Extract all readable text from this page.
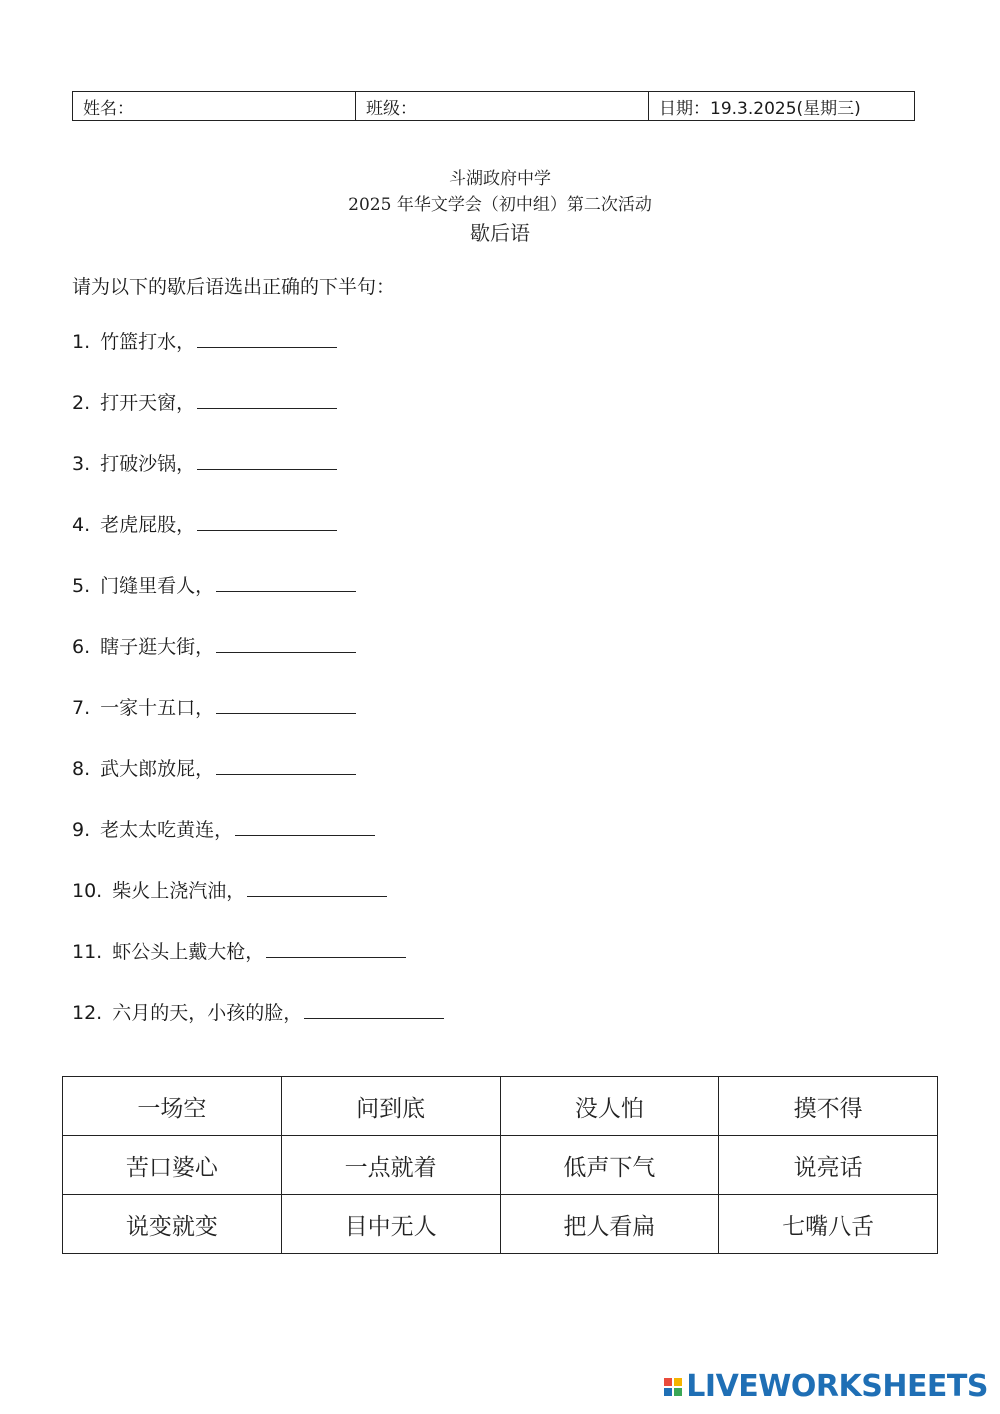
姓名：	班级：	日期：19.3.2025(星期三)
斗湖政府中学
2025 年华文学会（初中组）第二次活动
歇后语
请为以下的歇后语选出正确的下半句：
1. 竹篮打水，
2. 打开天窗，
3. 打破沙锅，
4. 老虎屁股，
5. 门缝里看人，
6. 瞎子逛大街，
7. 一家十五口，
8. 武大郎放屁，
9. 老太太吃黄连，
10. 柴火上浇汽油，
11. 虾公头上戴大枪，
12. 六月的天，小孩的脸，
一场空	问到底	没人怕	摸不得
苦口婆心	一点就着	低声下气	说亮话
说变就变	目中无人	把人看扁	七嘴八舌
LIVEWORKSHEETS
